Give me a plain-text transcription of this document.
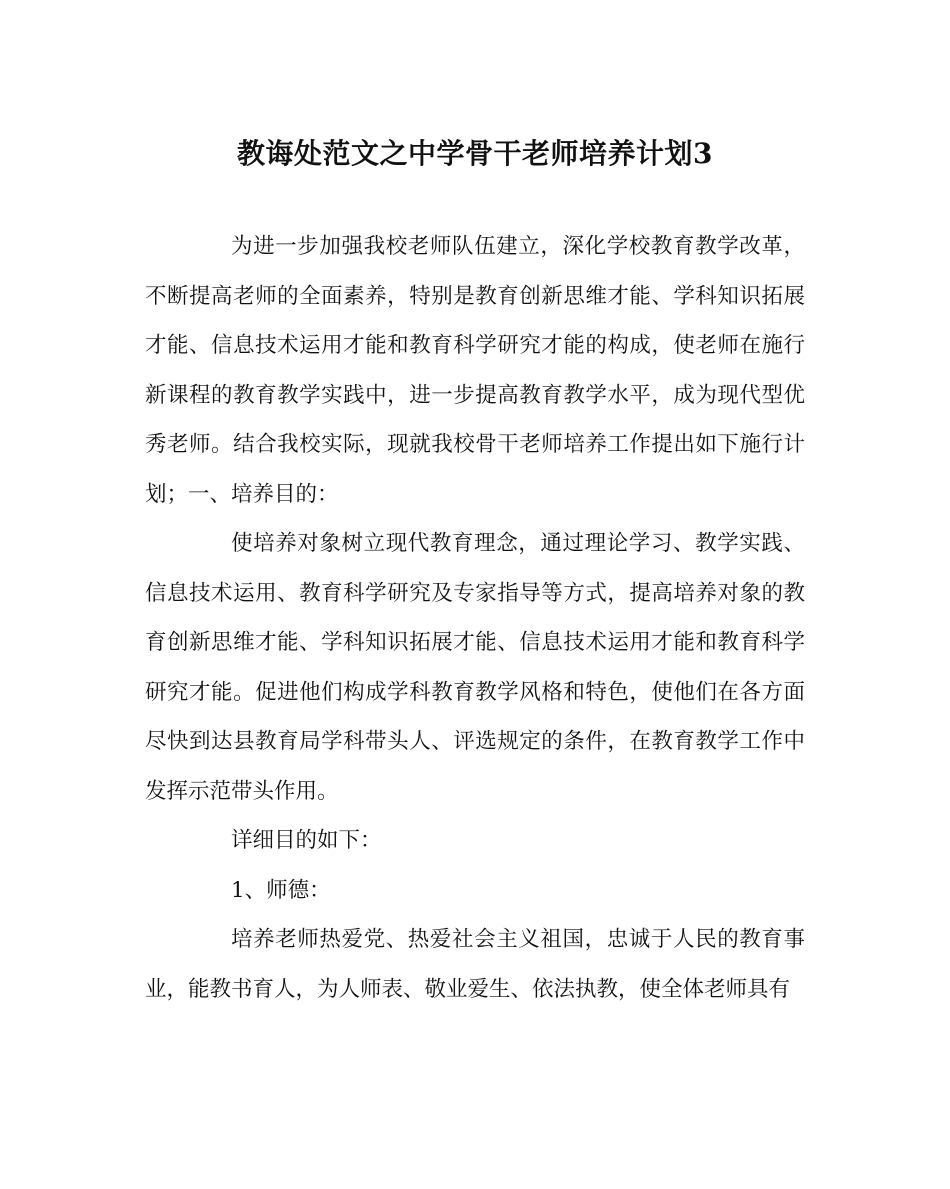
教诲处范文之中学骨干老师培养计划3

为进一步加强我校老师队伍建立，深化学校教育教学改革，不断提高老师的全面素养，特别是教育创新思维才能、学科知识拓展才能、信息技术运用才能和教育科学研究才能的构成，使老师在施行新课程的教育教学实践中，进一步提高教育教学水平，成为现代型优秀老师。结合我校实际，现就我校骨干老师培养工作提出如下施行计划；一、培养目的：

使培养对象树立现代教育理念，通过理论学习、教学实践、信息技术运用、教育科学研究及专家指导等方式，提高培养对象的教育创新思维才能、学科知识拓展才能、信息技术运用才能和教育科学研究才能。促进他们构成学科教育教学风格和特色，使他们在各方面尽快到达县教育局学科带头人、评选规定的条件，在教育教学工作中发挥示范带头作用。

详细目的如下：

1、师德：

培养老师热爱党、热爱社会主义祖国，忠诚于人民的教育事业，能教书育人，为人师表、敬业爱生、依法执教，使全体老师具有
